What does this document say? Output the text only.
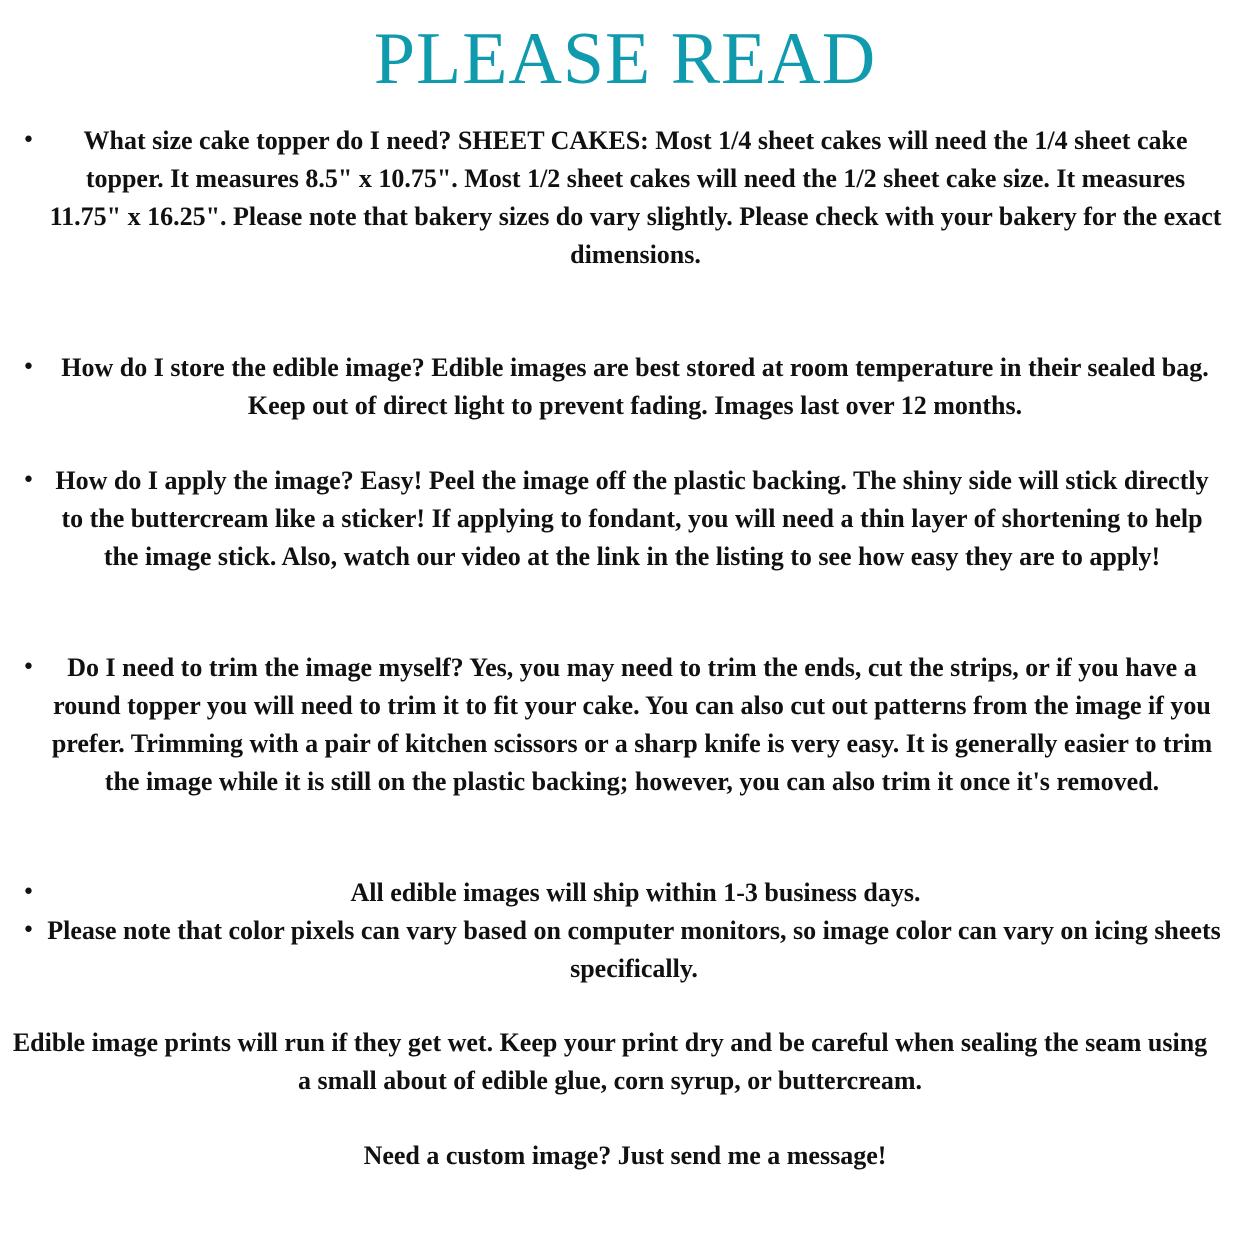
PLEASE READ
•	What size cake topper do I need? SHEET CAKES: Most 1/4 sheet cakes will need the 1/4 sheet cake topper. It measures 8.5" x 10.75". Most 1/2 sheet cakes will need the 1/2 sheet cake size. It measures 11.75" x 16.25". Please note that bakery sizes do vary slightly. Please check with your bakery for the exact dimensions.
• How do I store the edible image? Edible images are best stored at room temperature in their sealed bag. Keep out of direct light to prevent fading. Images last over 12 months.
• How do I apply the image? Easy! Peel the image off the plastic backing. The shiny side will stick directly to the buttercream like a sticker! If applying to fondant, you will need a thin layer of shortening to help the image stick. Also, watch our video at the link in the listing to see how easy they are to apply!
•	Do I need to trim the image myself? Yes, you may need to trim the ends, cut the strips, or if you have a round topper you will need to trim it to fit your cake. You can also cut out patterns from the image if you prefer. Trimming with a pair of kitchen scissors or a sharp knife is very easy. It is generally easier to trim the image while it is still on the plastic backing; however, you can also trim it once it's removed.
•	All edible images will ship within 1-3 business days.
• Please note that color pixels can vary based on computer monitors, so image color can vary on icing sheets specifically.
Edible image prints will run if they get wet. Keep your print dry and be careful when sealing the seam using a small about of edible glue, corn syrup, or buttercream.
Need a custom image? Just send me a message!
